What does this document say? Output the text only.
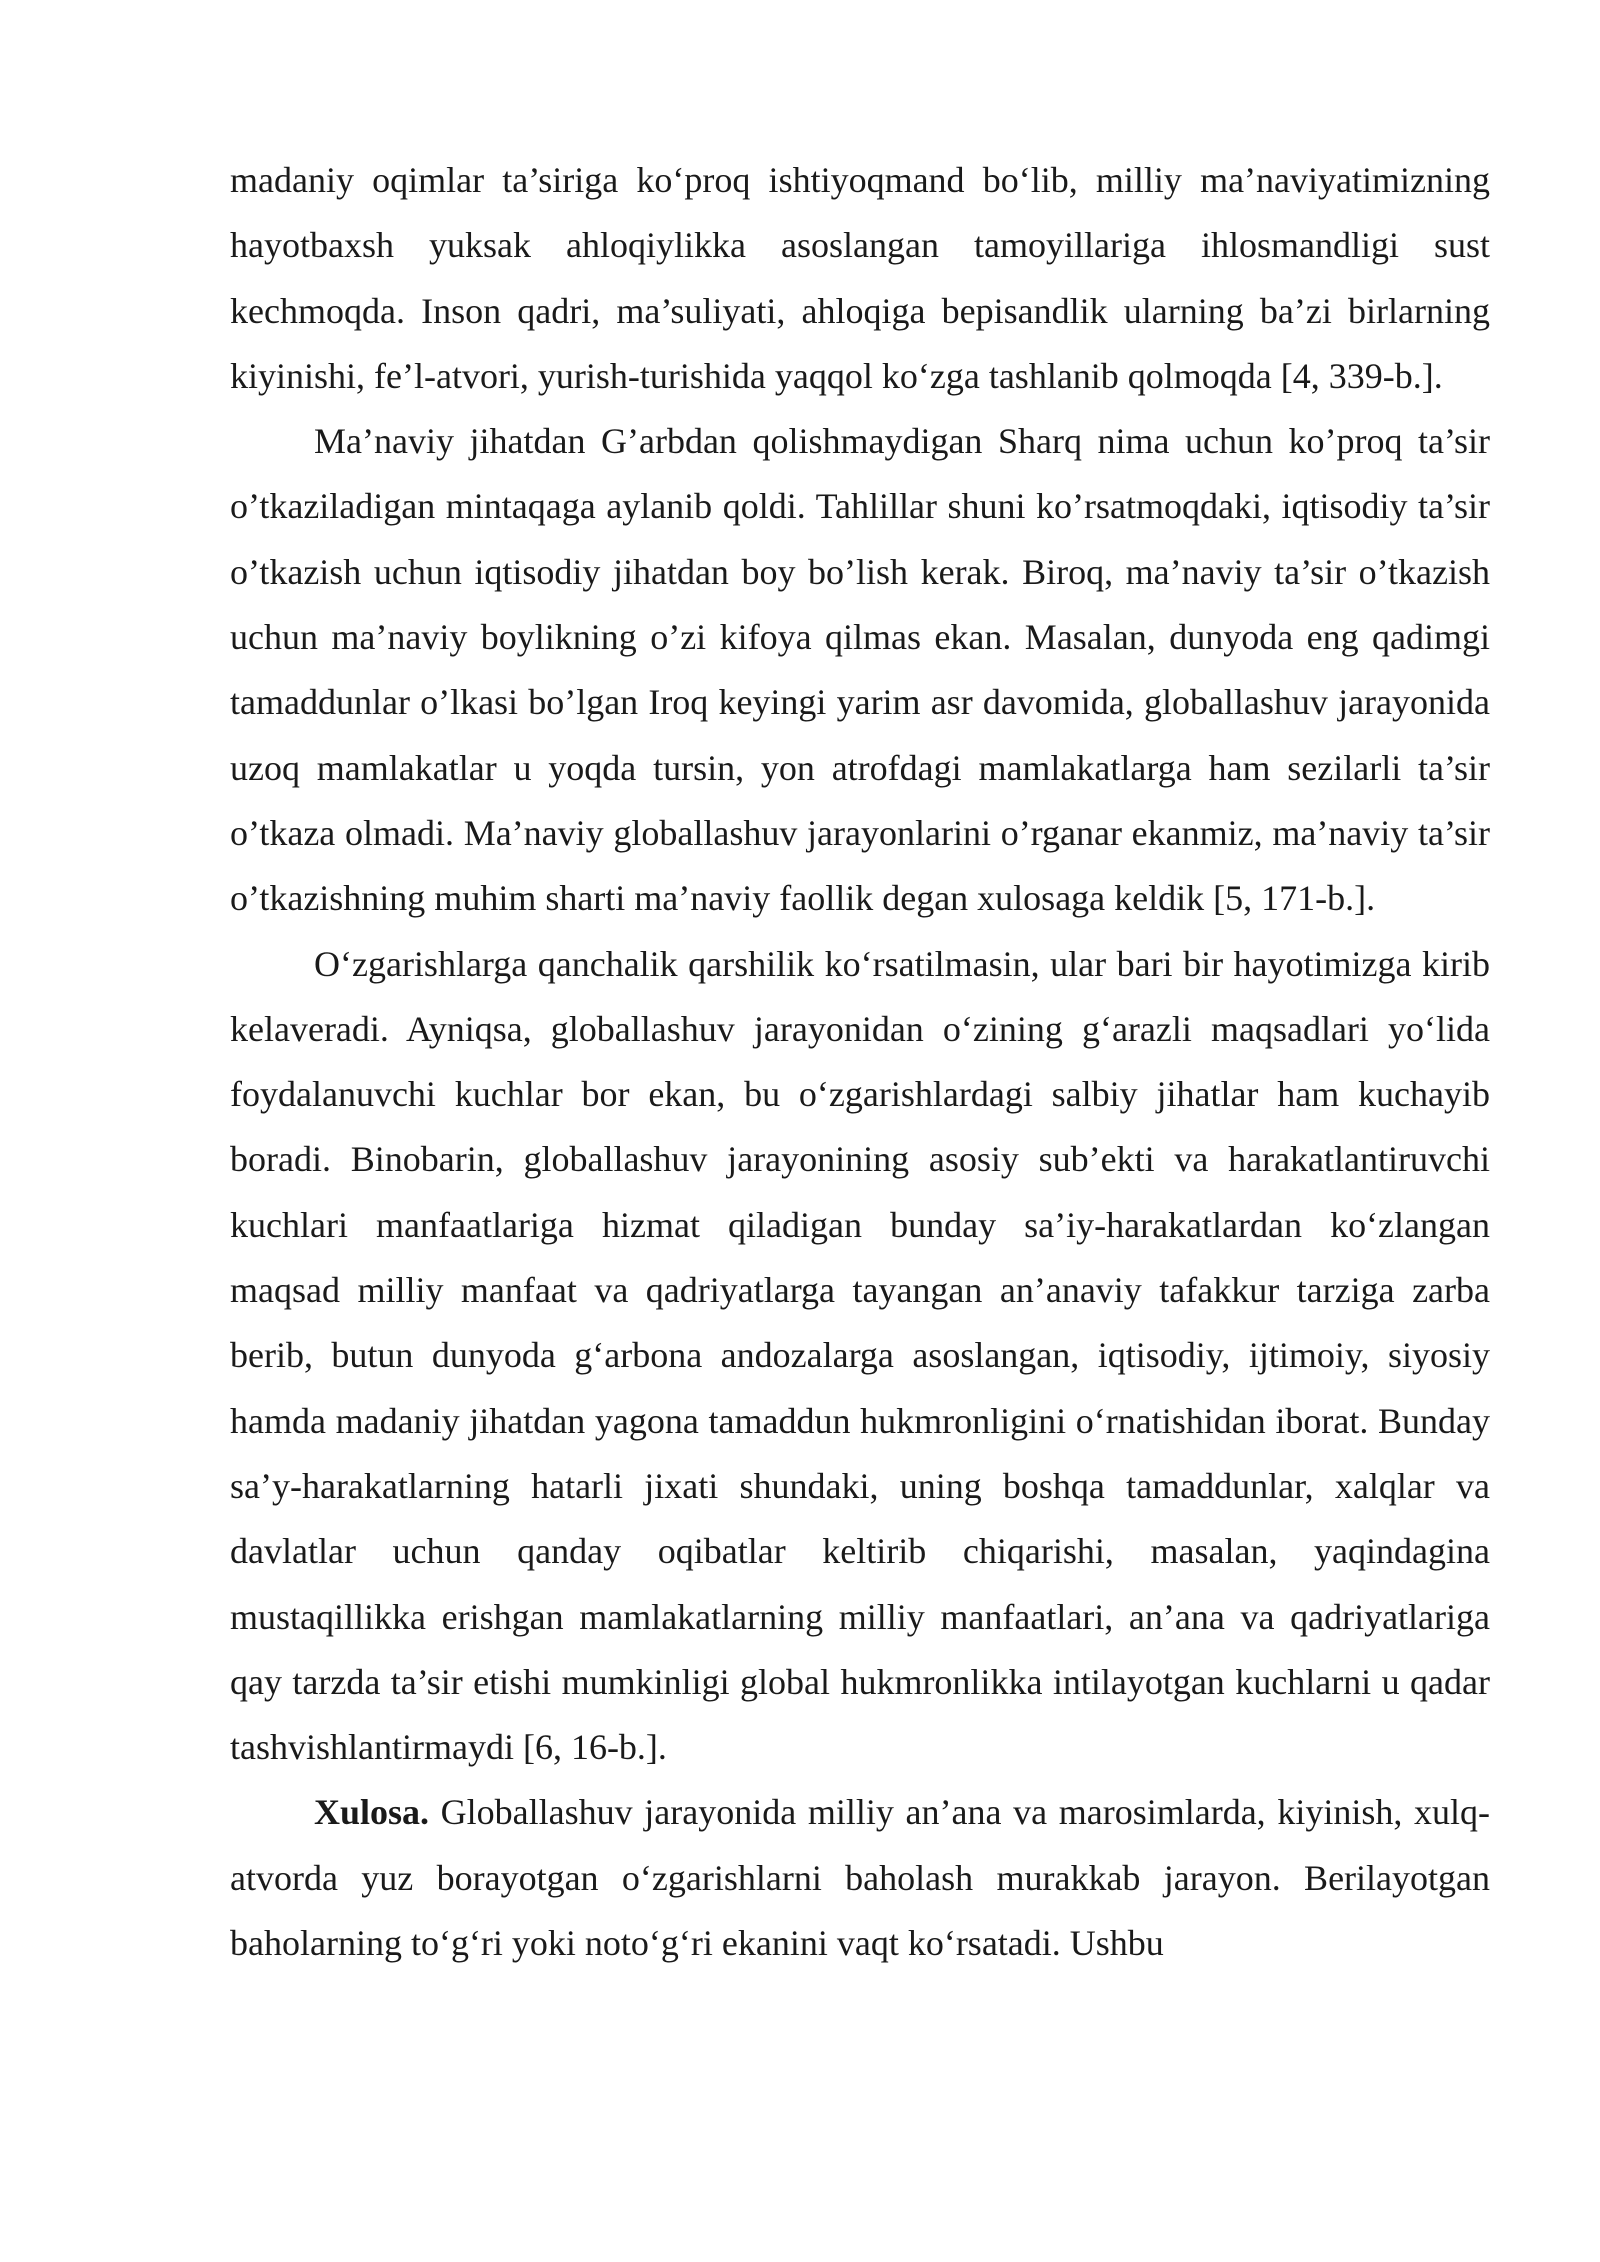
madaniy oqimlar ta’siriga ko‘proq ishtiyoqmand bo‘lib, milliy ma’naviyatimizning hayotbaxsh yuksak ahloqiylikka asoslangan tamoyillariga ihlosmandligi sust kechmoqda. Inson qadri, ma’suliyati, ahloqiga bepisandlik ularning ba’zi birlarning kiyinishi, fe’l-atvori, yurish-turishida yaqqol ko‘zga tashlanib qolmoqda [4, 339-b.].

Ma’naviy jihatdan G’arbdan qolishmaydigan Sharq nima uchun ko’proq ta’sir o’tkaziladigan mintaqaga aylanib qoldi. Tahlillar shuni ko’rsatmoqdaki, iqtisodiy ta’sir o’tkazish uchun iqtisodiy jihatdan boy bo’lish kerak. Biroq, ma’naviy ta’sir o’tkazish uchun ma’naviy boylikning o’zi kifoya qilmas ekan. Masalan, dunyoda eng qadimgi tamaddunlar o’lkasi bo’lgan Iroq keyingi yarim asr davomida, globallashuv jarayonida uzoq mamlakatlar u yoqda tursin, yon atrofdagi mamlakatlarga ham sezilarli ta’sir o’tkaza olmadi. Ma’naviy globallashuv jarayonlarini o’rganar ekanmiz, ma’naviy ta’sir o’tkazishning muhim sharti ma’naviy faollik degan xulosaga keldik [5, 171-b.].

O‘zgarishlarga qanchalik qarshilik ko‘rsatilmasin, ular bari bir hayotimizga kirib kelaveradi. Ayniqsa, globallashuv jarayonidan o‘zining g‘arazli maqsadlari yo‘lida foydalanuvchi kuchlar bor ekan, bu o‘zgarishlardagi salbiy jihatlar ham kuchayib boradi. Binobarin, globallashuv jarayonining asosiy sub’ekti va harakatlantiruvchi kuchlari manfaatlariga hizmat qiladigan bunday sa’iy-harakatlardan ko‘zlangan maqsad milliy manfaat va qadriyatlarga tayangan an’anaviy tafakkur tarziga zarba berib, butun dunyoda g‘arbona andozalarga asoslangan, iqtisodiy, ijtimoiy, siyosiy hamda madaniy jihatdan yagona tamaddun hukmronligini o‘rnatishidan iborat. Bunday sa’y-harakatlarning hatarli jixati shundaki, uning boshqa tamaddunlar, xalqlar va davlatlar uchun qanday oqibatlar keltirib chiqarishi, masalan, yaqindagina mustaqillikka erishgan mamlakatlarning milliy manfaatlari, an’ana va qadriyatlariga qay tarzda ta’sir etishi mumkinligi global hukmronlikka intilayotgan kuchlarni u qadar tashvishlantirmaydi [6, 16-b.].

Xulosa. Globallashuv jarayonida milliy an’ana va marosimlarda, kiyinish, xulq-atvorda yuz borayotgan o‘zgarishlarni baholash murakkab jarayon. Berilayotgan baholarning to‘g‘ri yoki noto‘g‘ri ekanini vaqt ko‘rsatadi. Ushbu
